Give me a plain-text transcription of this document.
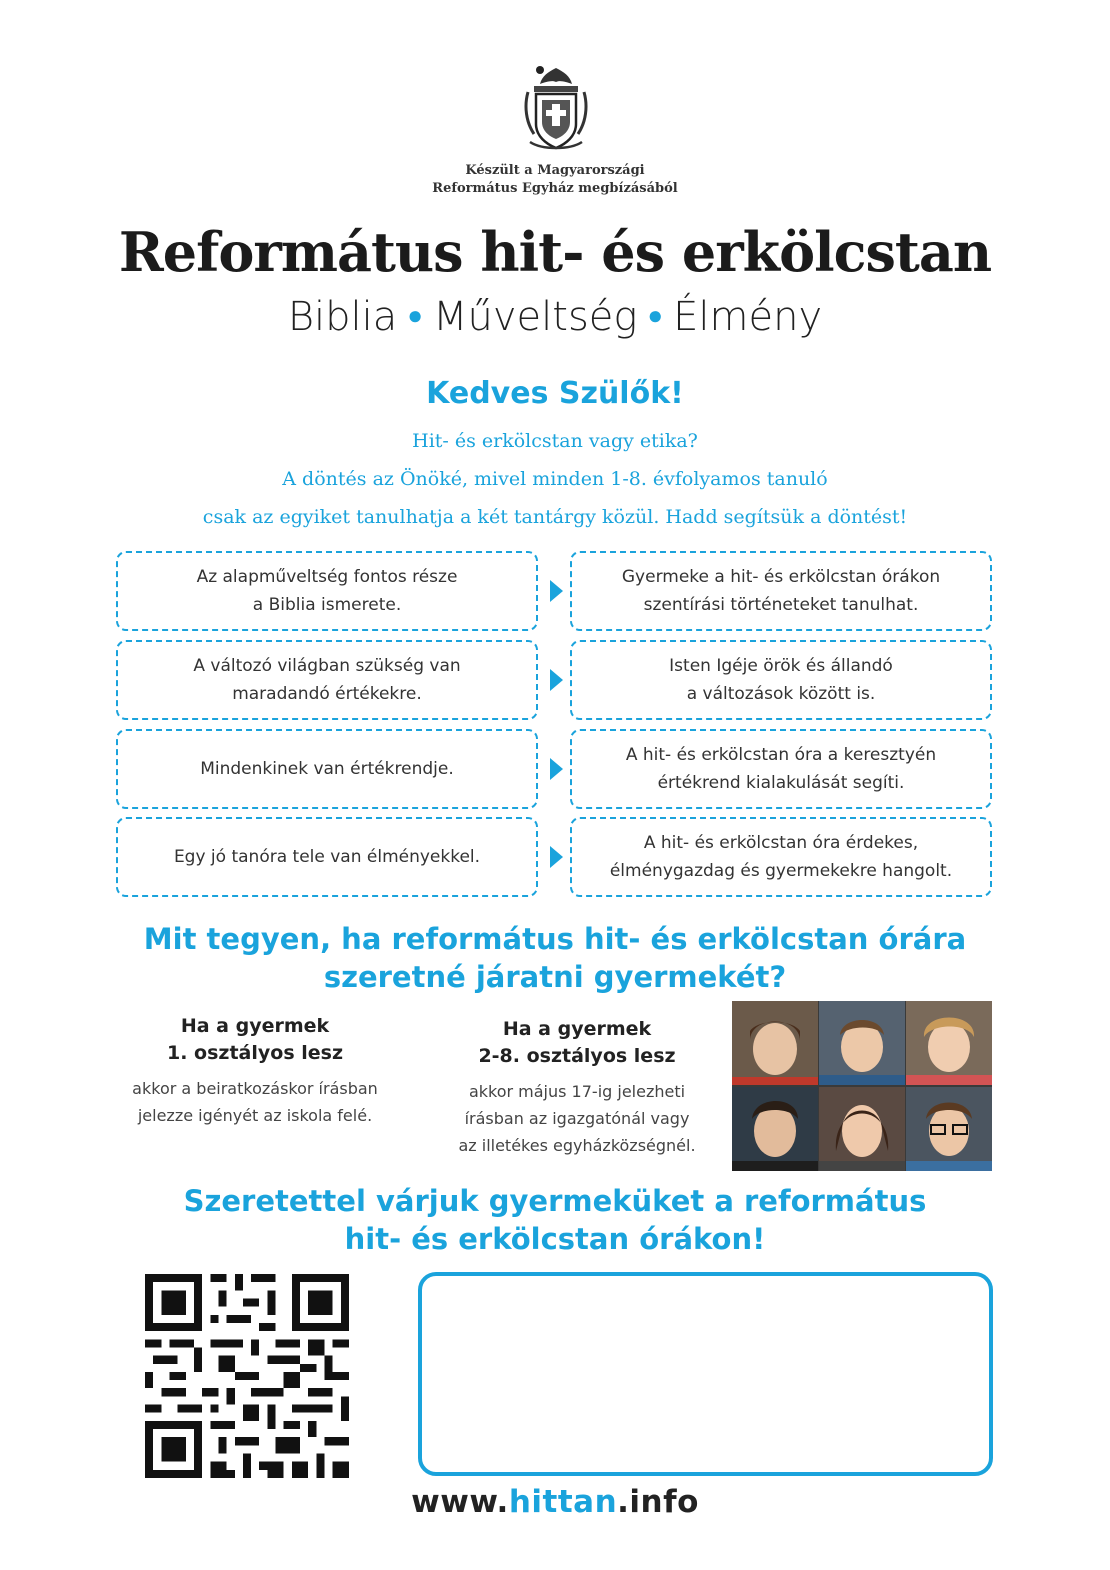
Készült a Magyarországi
Református Egyház megbízásából
Református hit- és erkölcstan
Biblia ● Műveltség ● Élmény
Kedves Szülők!
Hit- és erkölcstan vagy etika?
A döntés az Önöké, mivel minden 1-8. évfolyamos tanuló
csak az egyiket tanulhatja a két tantárgy közül. Hadd segítsük a döntést!
Az alapműveltség fontos része
a Biblia ismerete.
Gyermeke a hit- és erkölcstan órákon
szentírási történeteket tanulhat.
A változó világban szükség van
maradandó értékekre.
Isten Igéje örök és állandó
a változások között is.
Mindenkinek van értékrendje.
A hit- és erkölcstan óra a keresztyén
értékrend kialakulását segíti.
Egy jó tanóra tele van élményekkel.
A hit- és erkölcstan óra érdekes,
élménygazdag és gyermekekre hangolt.
Mit tegyen, ha református hit- és erkölcstan órára
szeretné járatni gyermekét?
Ha a gyermek
1. osztályos lesz
akkor a beiratkozáskor írásban
jelezze igényét az iskola felé.
Ha a gyermek
2-8. osztályos lesz
akkor május 17-ig jelezheti
írásban az igazgatónál vagy
az illetékes egyházközségnél.
Szeretettel várjuk gyermeküket a református
hit- és erkölcstan órákon!
www.hittan.info
